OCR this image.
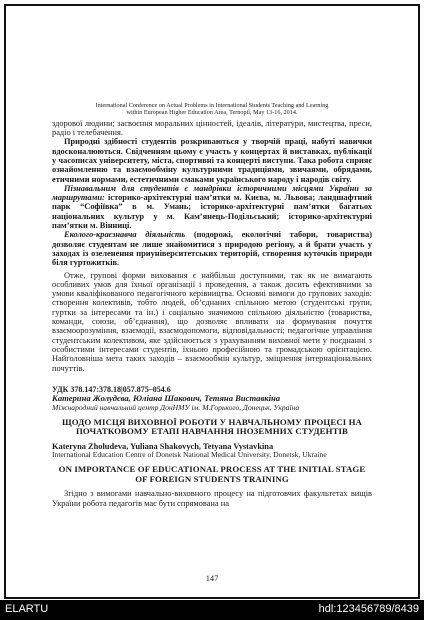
International Conference on Actual Problems in International Students Teaching and Learning
within European Higher Education Area, Ternopil, May 13-16, 2014.

здорової людини; засвоєння моральних цінностей, ідеалів, літератури, мистецтва, преси, радіо і телебачення.

Природні здібності студентів розкриваються у творчій праці, набуті навички вдосконалюються. Свідченням цьому є участь у концертах й виставках, публікації у часописах університету, міста, спортивні та концерті виступи. Така робота сприяє ознайомленню та взаємообміну культурними традиціями, звичаями, обрядами, етичними нормами, естетичними смаками українського народу і народів світу.

Пізнавальним для студентів є мандрівки історичними місцями України за маршрутами: історико-архітектурні пам’ятки м. Києва, м. Львова; ландшафтний парк “Софіївка” в м. Умань; історико-архітектурні пам’ятки багатьох національних культур у м. Кам’янець-Подільський; історико-архітектурні пам’ятки м. Вінниці.

Еколого-краєзнавча діяльність (подорожі, екологічні табори, товариства) дозволяє студентам не лише знайомитися з природою регіону, а й брати участь у заходах із озеленення приуніверситетських територій, створення куточків природи біля гуртожитків.

Отже, групові форми виховання є найбільш доступними, так як не вимагають особливих умов для їхньої організації і проведення, а також досить ефективними за умови кваліфікованого педагогічного керівництва. Основні вимоги до групових заходів: створення колективів, тобто людей, об’єднаних спільною метою (студентські групи, гуртки за інтересами та ін.) і соціально значимою спільною діяльністю (товариства, команди, союзи, об’єднання), що дозволяє впливати на формування почуття взаємоорозуміння, взаємодії, взаємодопомоги, відповідальності; педагогічне управління студентським колективом, яке здійснюється з урахуванням виховної мети у поєднанні з особистими інтересами студентів, їхньою професійною та громадською орієнтацією. Найголовніша мета таких заходів – взаємообмін культур, зміцнення інтернаціональних почуттів.

УДК 378.147:378.18|057.875–054.6
Катерина Жолудєва, Юліана Шакович, Тетяна Виставкіна
Міжнародний навчальний центр ДонНМУ ім. М.Горького, Донецьк, Україна
ЩОДО МІСЦЯ ВИХОВНОЇ РОБОТИ У НАВЧАЛЬНОМУ ПРОЦЕСІ НА ПОЧАТКОВОМУ ЕТАПІ НАВЧАННЯ ІНОЗЕМНИХ СТУДЕНТІВ
Kateryna Zholudeva, Yuliana Shakovych, Tetyana Vystavkina
International Education Centre of Donetsk National Medical University, Donetsk, Ukraine
ON IMPORTANCE OF EDUCATIONAL PROCESS AT THE INITIAL STAGE OF FOREIGN STUDENTS TRAINING

Згідно з вимогами навчально-виховного процесу на підготовчих факультетах вищів України робота педагогів має бути спрямована на

147
ELARTU	hdl:123456789/8439
